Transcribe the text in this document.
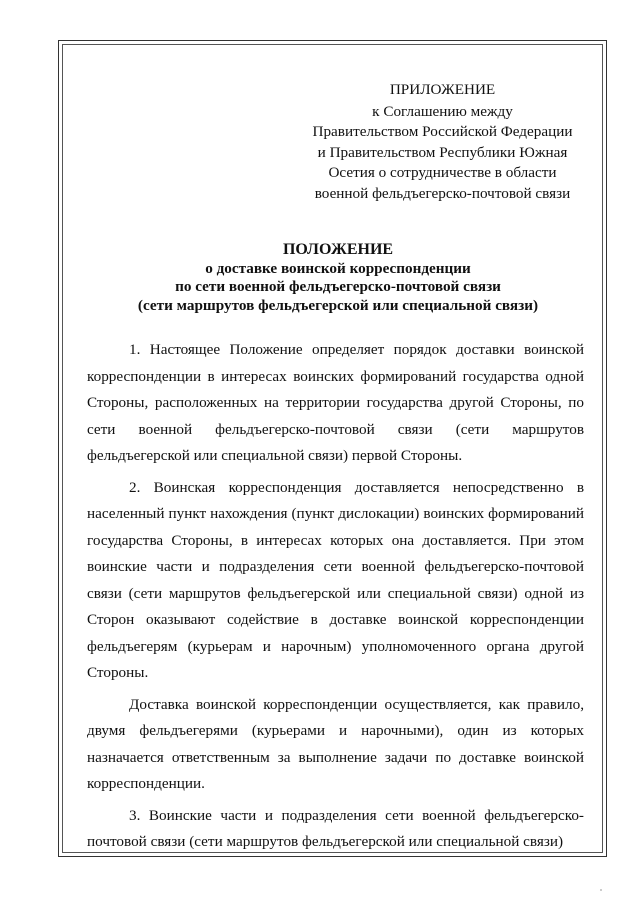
ПРИЛОЖЕНИЕ
к Соглашению между
Правительством Российской Федерации
и Правительством Республики Южная
Осетия о сотрудничестве в области
военной фельдъегерско-почтовой связи
ПОЛОЖЕНИЕ
о доставке воинской корреспонденции
по сети военной фельдъегерско-почтовой связи
(сети маршрутов фельдъегерской или специальной связи)

1. Настоящее Положение определяет порядок доставки воинской корреспонденции в интересах воинских формирований государства одной Стороны, расположенных на территории государства другой Стороны, по сети военной фельдъегерско-почтовой связи (сети маршрутов фельдъегерской или специальной связи) первой Стороны.

2. Воинская корреспонденция доставляется непосредственно в населенный пункт нахождения (пункт дислокации) воинских формирований государства Стороны, в интересах которых она доставляется. При этом воинские части и подразделения сети военной фельдъегерско-почтовой связи (сети маршрутов фельдъегерской или специальной связи) одной из Сторон оказывают содействие в доставке воинской корреспонденции фельдъегерям (курьерам и нарочным) уполномоченного органа другой Стороны.

Доставка воинской корреспонденции осуществляется, как правило, двумя фельдъегерями (курьерами и нарочными), один из которых назначается ответственным за выполнение задачи по доставке воинской корреспонденции.

3. Воинские части и подразделения сети военной фельдъегерско-почтовой связи (сети маршрутов фельдъегерской или специальной связи)
